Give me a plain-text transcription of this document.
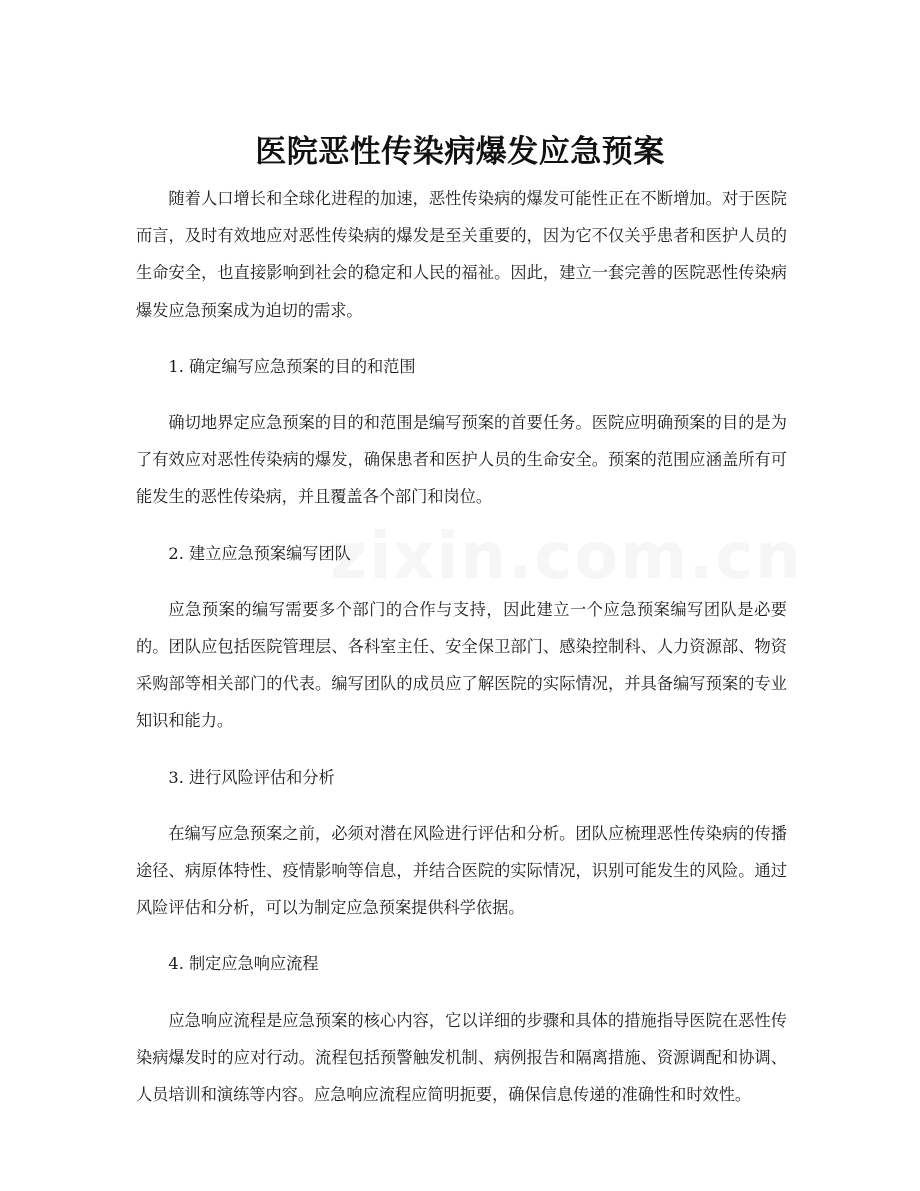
医院恶性传染病爆发应急预案

随着人口增长和全球化进程的加速，恶性传染病的爆发可能性正在不断增加。对于医院而言，及时有效地应对恶性传染病的爆发是至关重要的，因为它不仅关乎患者和医护人员的生命安全，也直接影响到社会的稳定和人民的福祉。因此，建立一套完善的医院恶性传染病爆发应急预案成为迫切的需求。

1. 确定编写应急预案的目的和范围

确切地界定应急预案的目的和范围是编写预案的首要任务。医院应明确预案的目的是为了有效应对恶性传染病的爆发，确保患者和医护人员的生命安全。预案的范围应涵盖所有可能发生的恶性传染病，并且覆盖各个部门和岗位。

2. 建立应急预案编写团队

应急预案的编写需要多个部门的合作与支持，因此建立一个应急预案编写团队是必要的。团队应包括医院管理层、各科室主任、安全保卫部门、感染控制科、人力资源部、物资采购部等相关部门的代表。编写团队的成员应了解医院的实际情况，并具备编写预案的专业知识和能力。

3. 进行风险评估和分析

在编写应急预案之前，必须对潜在风险进行评估和分析。团队应梳理恶性传染病的传播途径、病原体特性、疫情影响等信息，并结合医院的实际情况，识别可能发生的风险。通过风险评估和分析，可以为制定应急预案提供科学依据。

4. 制定应急响应流程

应急响应流程是应急预案的核心内容，它以详细的步骤和具体的措施指导医院在恶性传染病爆发时的应对行动。流程包括预警触发机制、病例报告和隔离措施、资源调配和协调、人员培训和演练等内容。应急响应流程应简明扼要，确保信息传递的准确性和时效性。
